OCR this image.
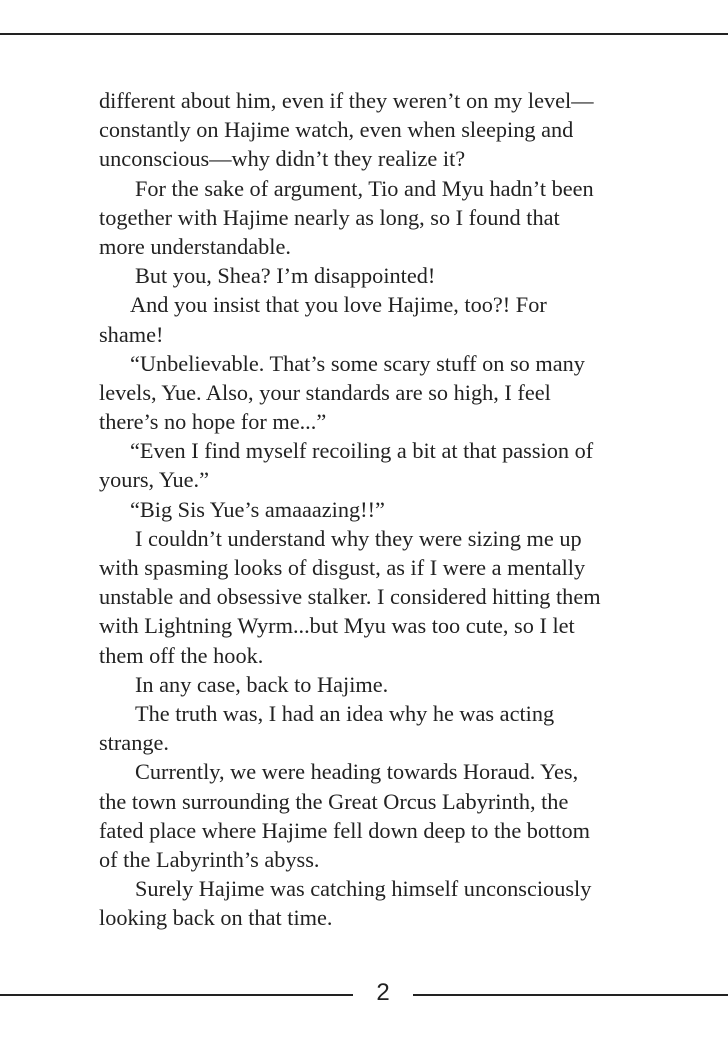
different about him, even if they weren’t on my level—
constantly on Hajime watch, even when sleeping and
unconscious—why didn’t they realize it?
For the sake of argument, Tio and Myu hadn’t been
together with Hajime nearly as long, so I found that
more understandable.
But you, Shea? I’m disappointed!
And you insist that you love Hajime, too?! For
shame!
“Unbelievable. That’s some scary stuff on so many
levels, Yue. Also, your standards are so high, I feel
there’s no hope for me...”
“Even I find myself recoiling a bit at that passion of
yours, Yue.”
“Big Sis Yue’s amaaazing!!”
I couldn’t understand why they were sizing me up
with spasming looks of disgust, as if I were a mentally
unstable and obsessive stalker. I considered hitting them
with Lightning Wyrm...but Myu was too cute, so I let
them off the hook.
In any case, back to Hajime.
The truth was, I had an idea why he was acting
strange.
Currently, we were heading towards Horaud. Yes,
the town surrounding the Great Orcus Labyrinth, the
fated place where Hajime fell down deep to the bottom
of the Labyrinth’s abyss.
Surely Hajime was catching himself unconsciously
looking back on that time.
2
